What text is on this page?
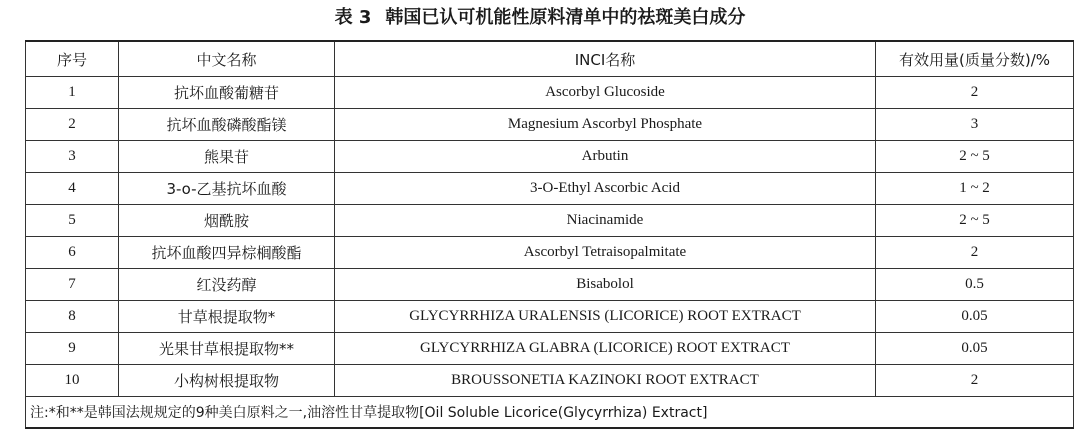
表 3 韩国已认可机能性原料清单中的祛斑美白成分
序号	中文名称	INCI名称	有效用量(质量分数)/%
1	抗坏血酸葡糖苷	Ascorbyl Glucoside	2
2	抗坏血酸磷酸酯镁	Magnesium Ascorbyl Phosphate	3
3	熊果苷	Arbutin	2 ~ 5
4	3-o-乙基抗坏血酸	3-O-Ethyl Ascorbic Acid	1 ~ 2
5	烟酰胺	Niacinamide	2 ~ 5
6	抗坏血酸四异棕榈酸酯	Ascorbyl Tetraisopalmitate	2
7	红没药醇	Bisabolol	0.5
8	甘草根提取物*	GLYCYRRHIZA URALENSIS (LICORICE) ROOT EXTRACT	0.05
9	光果甘草根提取物**	GLYCYRRHIZA GLABRA (LICORICE) ROOT EXTRACT	0.05
10	小构树根提取物	BROUSSONETIA KAZINOKI ROOT EXTRACT	2
注:*和**是韩国法规规定的9种美白原料之一,油溶性甘草提取物[Oil Soluble Licorice(Glycyrrhiza) Extract]			
